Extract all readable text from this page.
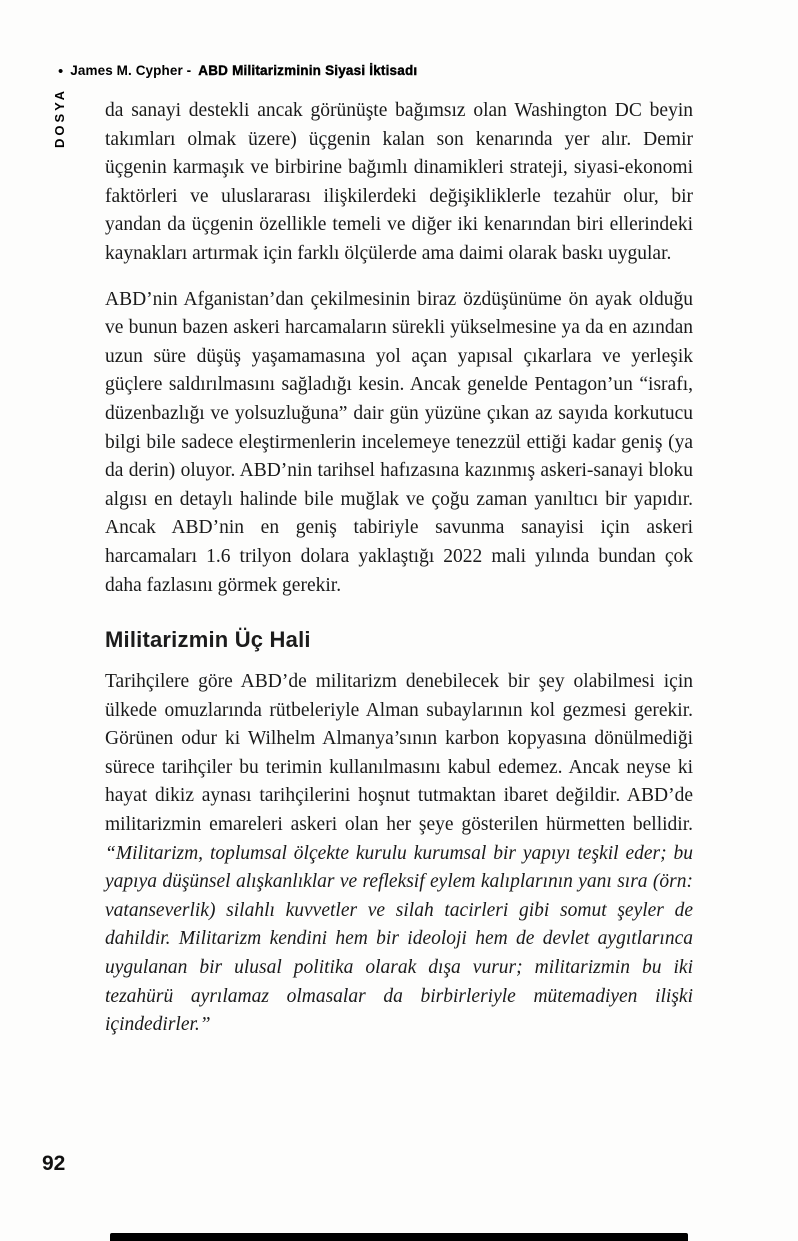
• James M. Cypher - ABD Militarizminin Siyasi İktisadı
DOSYA da sanayi destekli ancak görünüşte bağımsız olan Washington DC beyin takımları olmak üzere) üçgenin kalan son kenarında yer alır. Demir üçgenin karmaşık ve birbirine bağımlı dinamikleri strateji, siyasi-ekonomi faktörleri ve uluslararası ilişkilerdeki değişikliklerle tezahür olur, bir yandan da üçgenin özellikle temeli ve diğer iki kenarından biri ellerindeki kaynakları artırmak için farklı ölçülerde ama daimi olarak baskı uygular.

ABD’nin Afganistan’dan çekilmesinin biraz özdüşünüme ön ayak olduğu ve bunun bazen askeri harcamaların sürekli yükselmesine ya da en azından uzun süre düşüş yaşamamasına yol açan yapısal çıkarlara ve yerleşik güçlere saldırılmasını sağladığı kesin. Ancak genelde Pentagon’un “israfı, düzenbazlığı ve yolsuzluğuna” dair gün yüzüne çıkan az sayıda korkutucu bilgi bile sadece eleştirmenlerin incelemeye tenezzül ettiği kadar geniş (ya da derin) oluyor. ABD’nin tarihsel hafızasına kazınmış askeri-sanayi bloku algısı en detaylı halinde bile muğlak ve çoğu zaman yanıltıcı bir yapıdır. Ancak ABD’nin en geniş tabiriyle savunma sanayisi için askeri harcamaları 1.6 trilyon dolara yaklaştığı 2022 mali yılında bundan çok daha fazlasını görmek gerekir.

Militarizmin Üç Hali

Tarihçilere göre ABD’de militarizm denebilecek bir şey olabilmesi için ülkede omuzlarında rütbeleriyle Alman subaylarının kol gezmesi gerekir. Görünen odur ki Wilhelm Almanya’sının karbon kopyasına dönülmediği sürece tarihçiler bu terimin kullanılmasını kabul edemez. Ancak neyse ki hayat dikiz aynası tarihçilerini hoşnut tutmaktan ibaret değildir. ABD’de militarizmin emareleri askeri olan her şeye gösterilen hürmetten bellidir. “Militarizm, toplumsal ölçekte kurulu kurumsal bir yapıyı teşkil eder; bu yapıya düşünsel alışkanlıklar ve refleksif eylem kalıplarının yanı sıra (örn: vatanseverlik) silahlı kuvvetler ve silah tacirleri gibi somut şeyler de dahildir. Militarizm kendini hem bir ideoloji hem de devlet aygıtlarınca uygulanan bir ulusal politika olarak dışa vurur; militarizmin bu iki tezahürü ayrılamaz olmasalar da birbirleriyle mütemadiyen ilişki içindedirler.”

92
